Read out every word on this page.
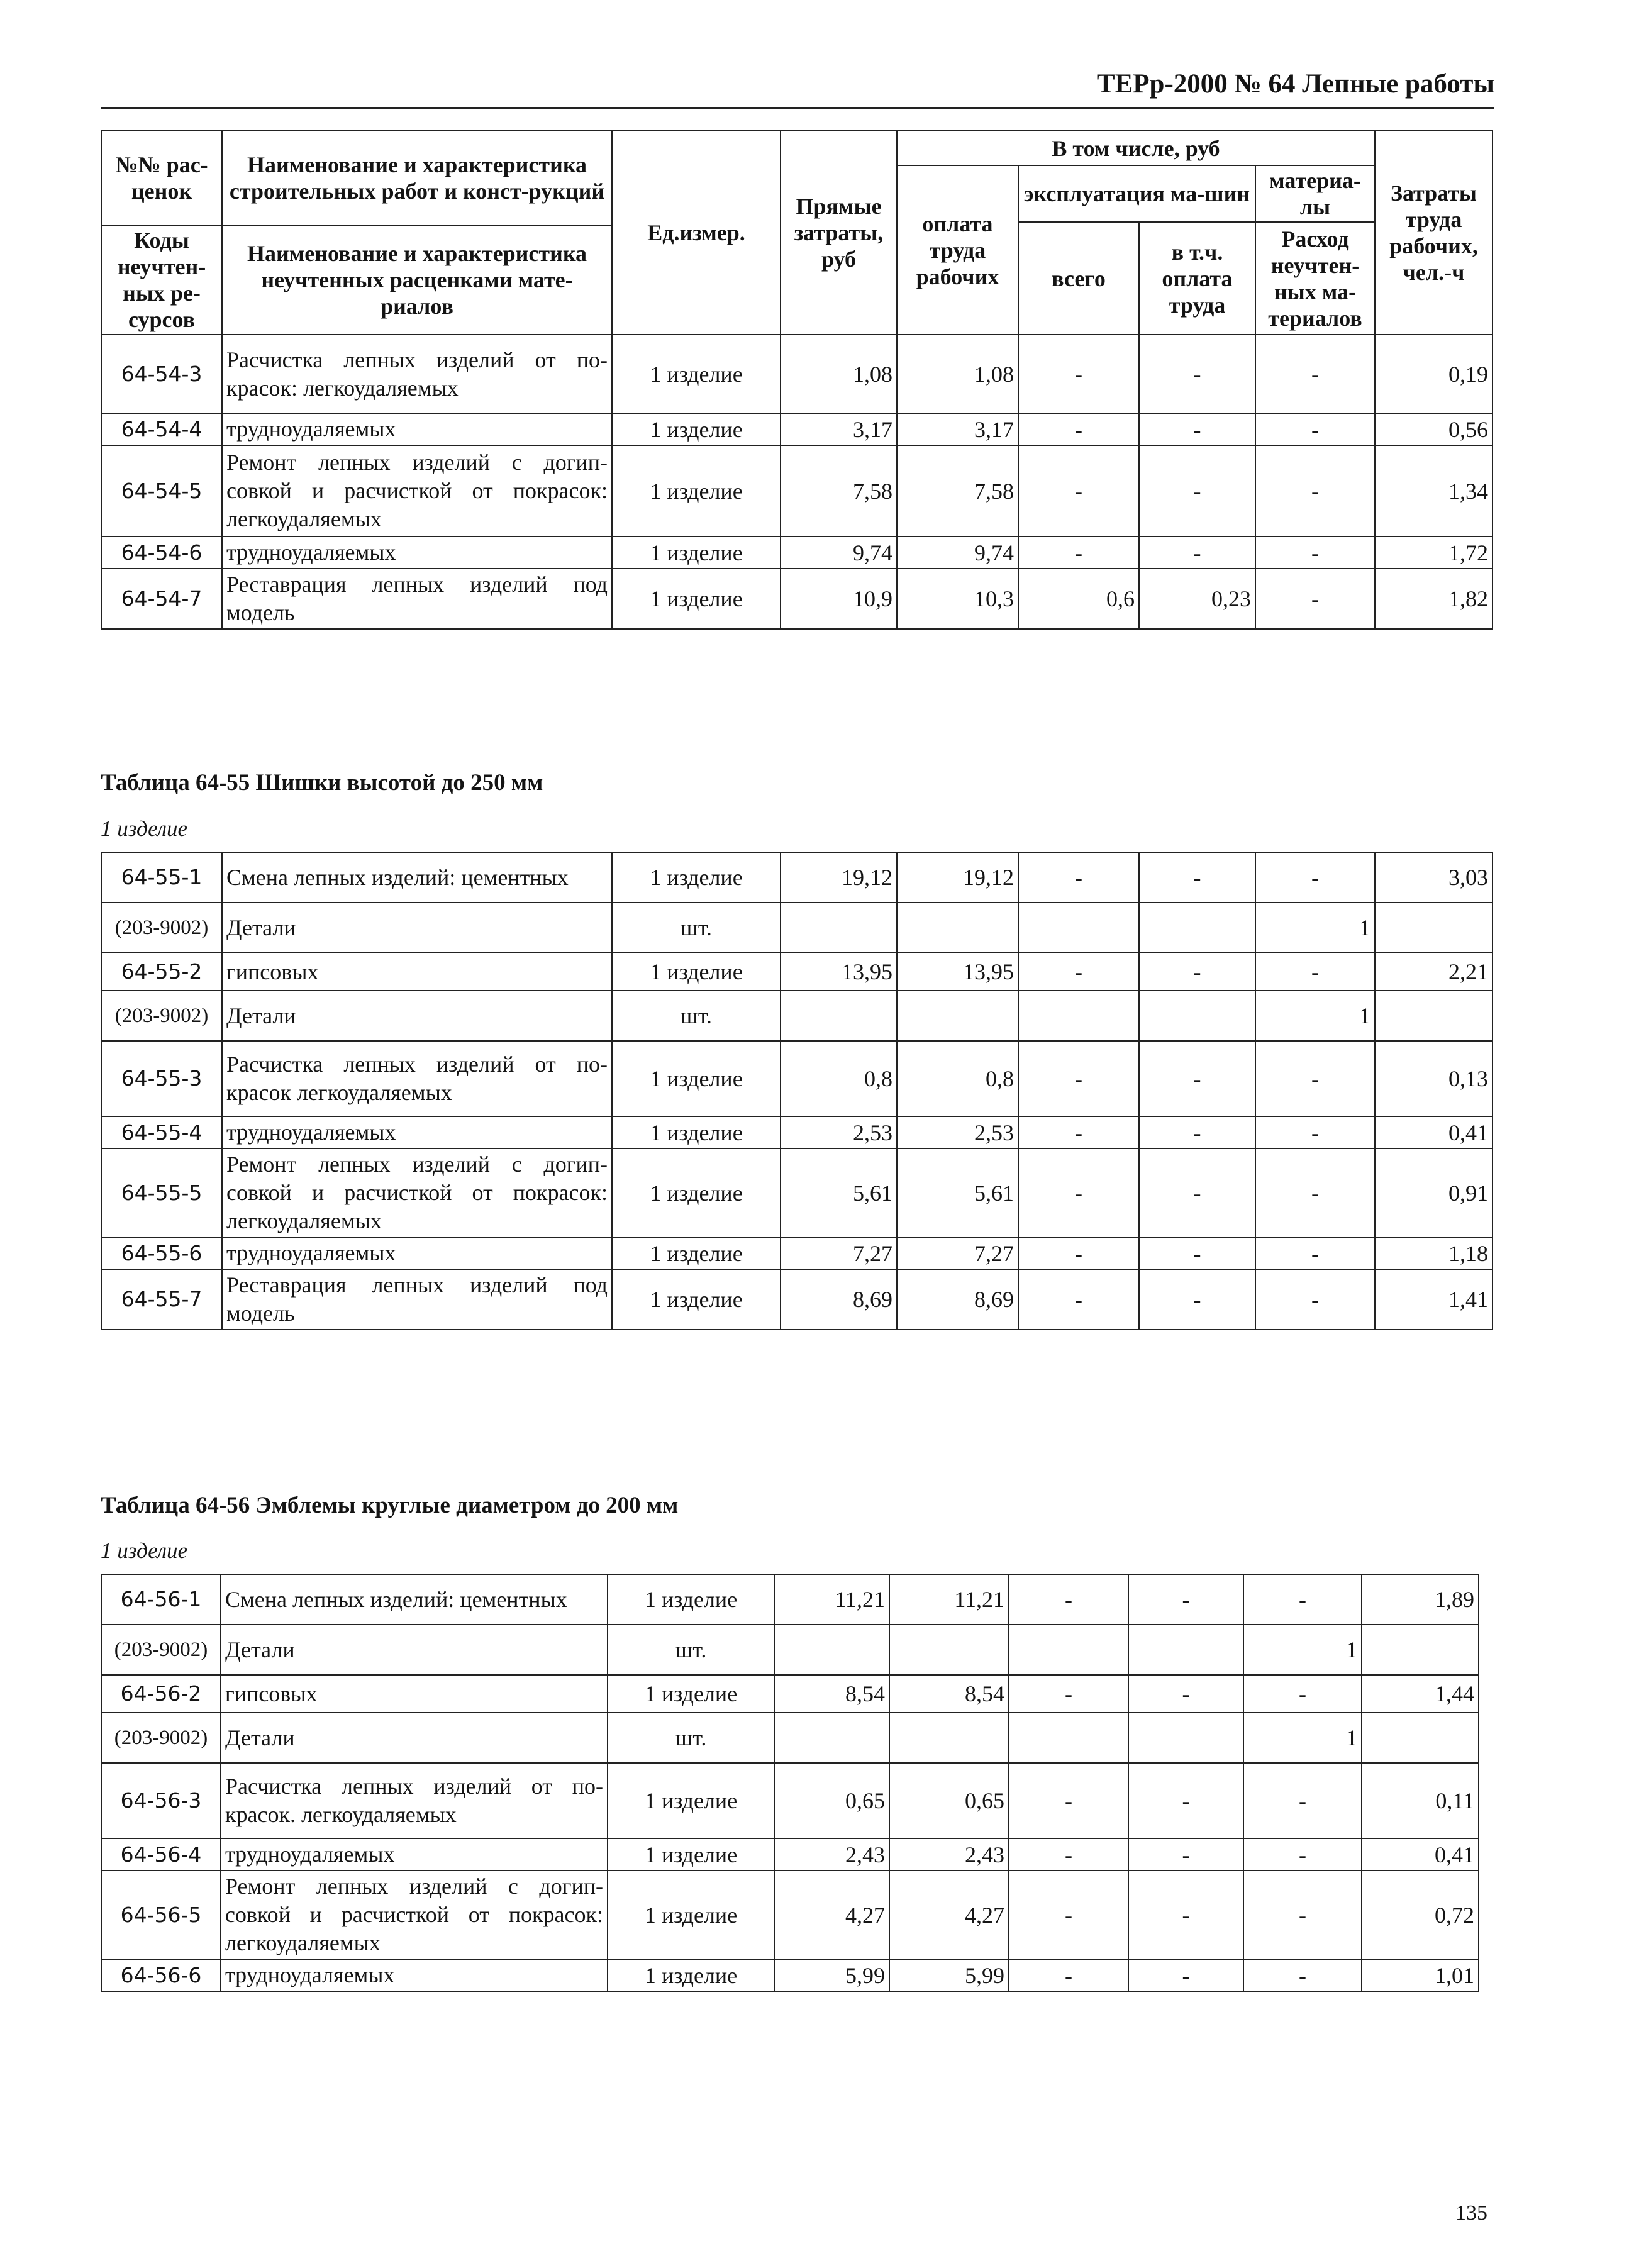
ТЕРр-2000 № 64 Лепные работы
№№ рас-ценок	Наименование и характеристика строительных работ и конст-рукций	Ед.измер.	Прямые затраты, руб	В том числе, руб				Затраты труда рабочих, чел.-ч
				оплата труда рабочих	эксплуатация ма-шин		материа-лы	
					всего	в т.ч. оплата труда	Расход неучтен-ных ма-териалов	
Коды неучтен-ных ре-сурсов	Наименование и характеристика неучтенных расценками мате-риалов							

64-54-3	Расчистка лепных изделий от по-красок: легкоудаляемых	1 изделие	1,08	1,08	-	-	-	0,19
64-54-4	трудноудаляемых	1 изделие	3,17	3,17	-	-	-	0,56
64-54-5	Ремонт лепных изделий с догип-совкой и расчисткой от покрасок: легкоудаляемых	1 изделие	7,58	7,58	-	-	-	1,34
64-54-6	трудноудаляемых	1 изделие	9,74	9,74	-	-	-	1,72
64-54-7	Реставрация лепных изделий под модель	1 изделие	10,9	10,3	0,6	0,23	-	1,82
Таблица 64-55 Шишки высотой до 250 мм
1 изделие
64-55-1	Смена лепных изделий: цементных	1 изделие	19,12	19,12	-	-	-	3,03
(203-9002)	Детали	шт.					1	
64-55-2	гипсовых	1 изделие	13,95	13,95	-	-	-	2,21
(203-9002)	Детали	шт.					1	
64-55-3	Расчистка лепных изделий от по-красок легкоудаляемых	1 изделие	0,8	0,8	-	-	-	0,13
64-55-4	трудноудаляемых	1 изделие	2,53	2,53	-	-	-	0,41
64-55-5	Ремонт лепных изделий с догип-совкой и расчисткой от покрасок: легкоудаляемых	1 изделие	5,61	5,61	-	-	-	0,91
64-55-6	трудноудаляемых	1 изделие	7,27	7,27	-	-	-	1,18
64-55-7	Реставрация лепных изделий под модель	1 изделие	8,69	8,69	-	-	-	1,41
Таблица 64-56 Эмблемы круглые диаметром до 200 мм
1 изделие
64-56-1	Смена лепных изделий: цементных	1 изделие	11,21	11,21	-	-	-	1,89
(203-9002)	Детали	шт.					1	
64-56-2	гипсовых	1 изделие	8,54	8,54	-	-	-	1,44
(203-9002)	Детали	шт.					1	
64-56-3	Расчистка лепных изделий от по-красок. легкоудаляемых	1 изделие	0,65	0,65	-	-	-	0,11
64-56-4	трудноудаляемых	1 изделие	2,43	2,43	-	-	-	0,41
64-56-5	Ремонт лепных изделий с догип-совкой и расчисткой от покрасок: легкоудаляемых	1 изделие	4,27	4,27	-	-	-	0,72
64-56-6	трудноудаляемых	1 изделие	5,99	5,99	-	-	-	1,01
135
